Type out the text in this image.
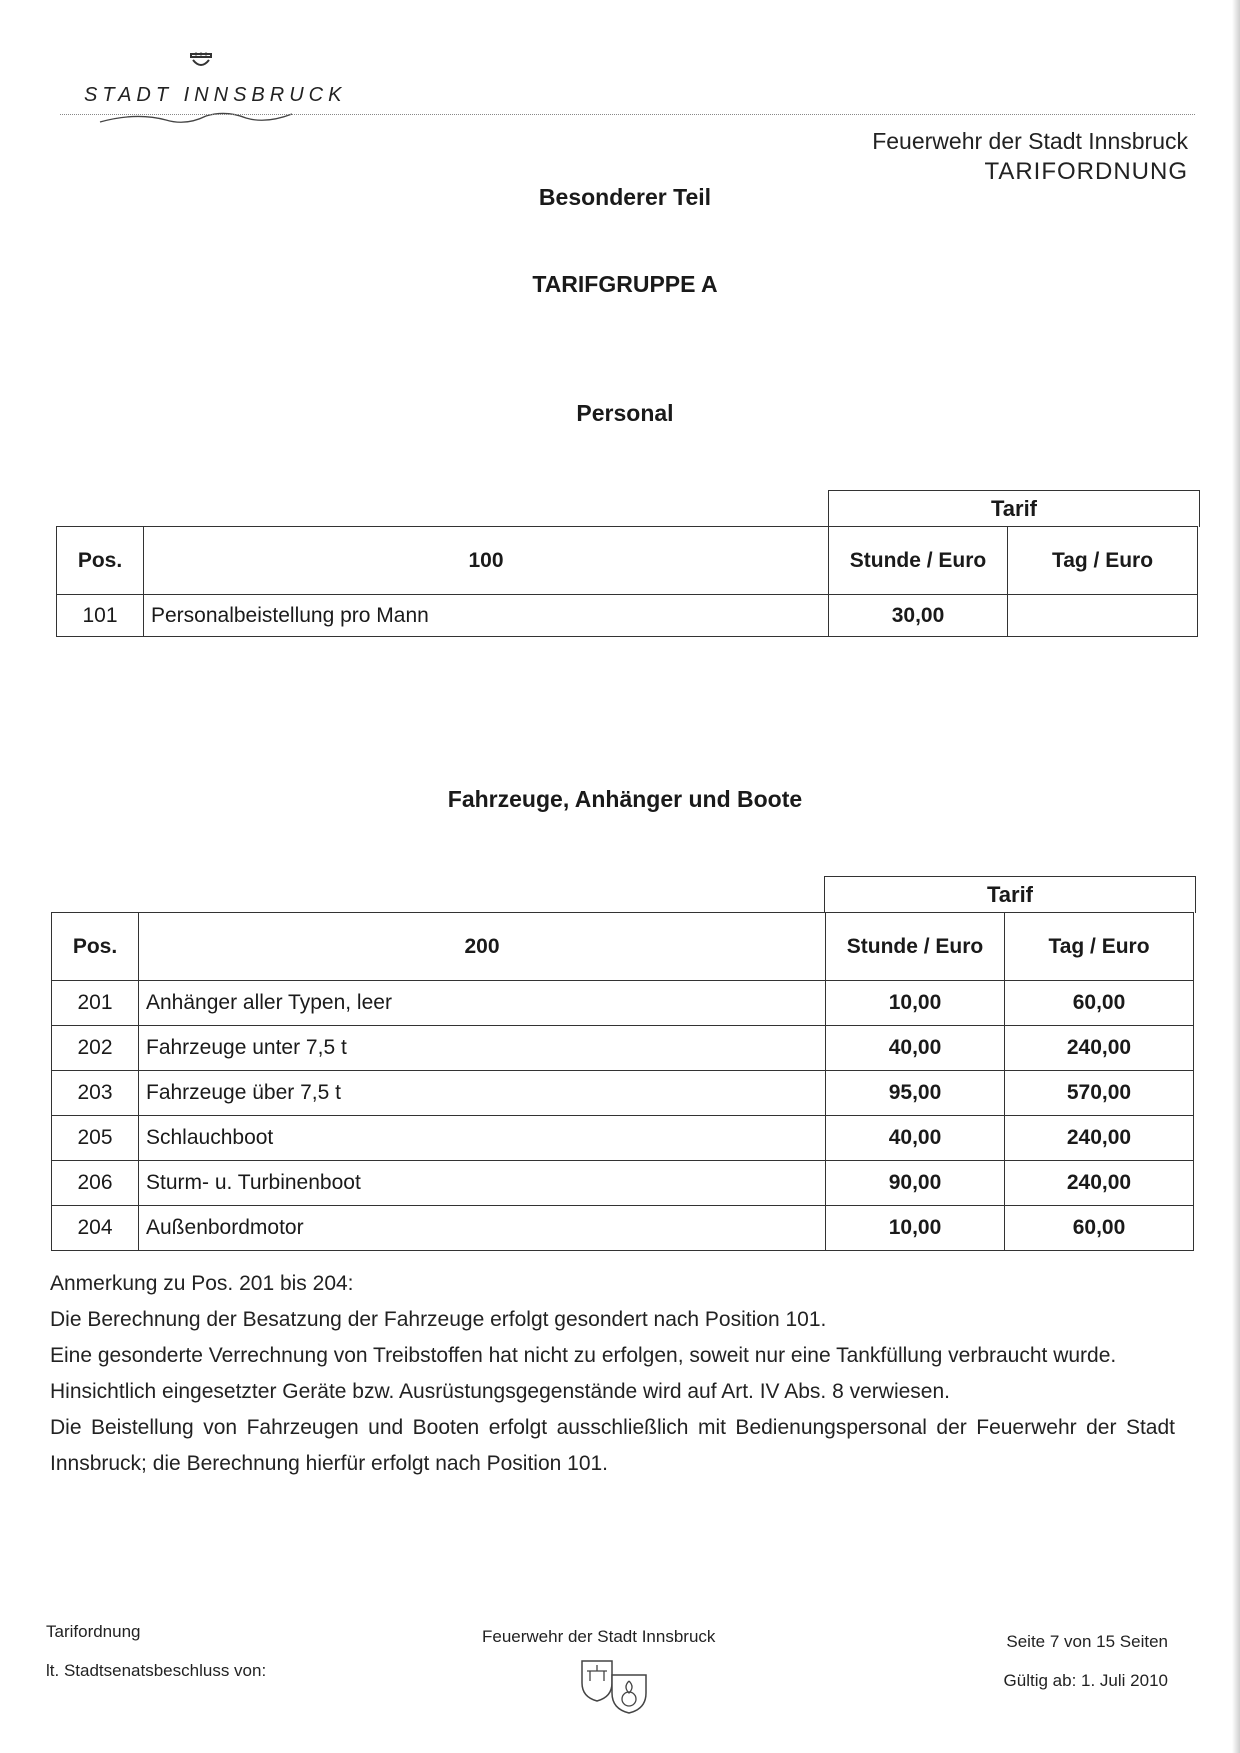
STADT INNSBRUCK
Feuerwehr der Stadt Innsbruck
TARIFORDNUNG
Besonderer Teil
TARIFGRUPPE A
Personal
Tarif
Pos.	100	Stunde / Euro	Tag / Euro
101	Personalbeistellung pro Mann	30,00	
Fahrzeuge, Anhänger und Boote
Tarif
Pos.	200	Stunde / Euro	Tag / Euro
201	Anhänger aller Typen, leer	10,00	60,00
202	Fahrzeuge unter 7,5 t	40,00	240,00
203	Fahrzeuge über 7,5 t	95,00	570,00
205	Schlauchboot	40,00	240,00
206	Sturm- u. Turbinenboot	90,00	240,00
204	Außenbordmotor	10,00	60,00

Anmerkung zu Pos. 201 bis 204:

Die Berechnung der Besatzung der Fahrzeuge erfolgt gesondert nach Position 101.

Eine gesonderte Verrechnung von Treibstoffen hat nicht zu erfolgen, soweit nur eine Tankfüllung verbraucht wurde.

Hinsichtlich eingesetzter Geräte bzw. Ausrüstungsgegenstände wird auf Art. IV Abs. 8 verwiesen.

Die Beistellung von Fahrzeugen und Booten erfolgt ausschließlich mit Bedienungspersonal der Feuerwehr der Stadt Innsbruck; die Berechnung hierfür erfolgt nach Position 101.

Tarifordnung
lt. Stadtsenatsbeschluss von:
Feuerwehr der Stadt Innsbruck	Seite 7 von 15 Seiten
Gültig ab: 1. Juli 2010
